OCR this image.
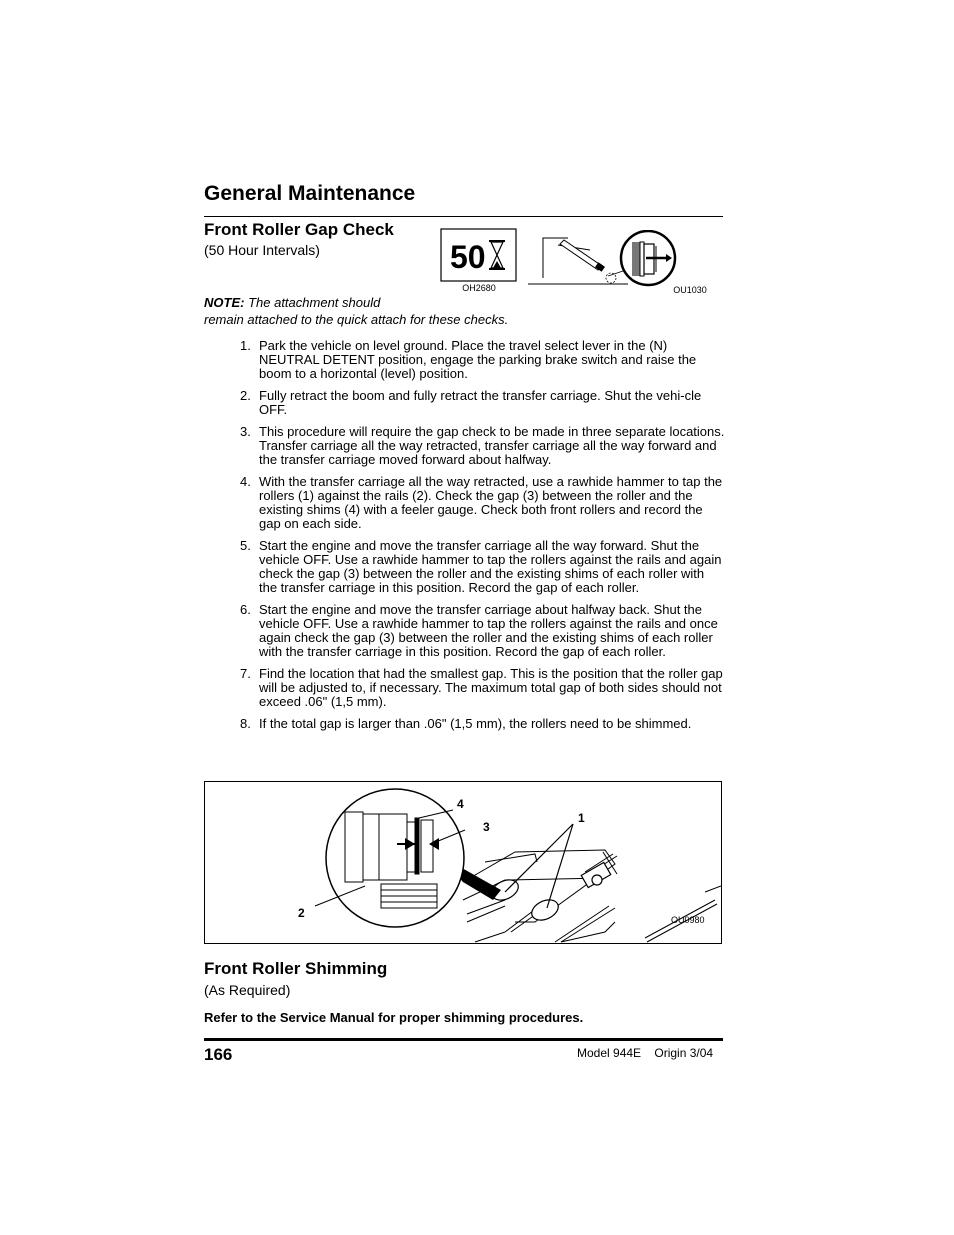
General Maintenance
Front Roller Gap Check
(50 Hour Intervals)	50
OH2680	OU1030
NOTE: The attachment should
remain attached to the quick attach for these checks.
1. Park the vehicle on level ground. Place the travel select lever in the (N) NEUTRAL DETENT position, engage the parking brake switch and raise the boom to a horizontal (level) position.
2. Fully retract the boom and fully retract the transfer carriage. Shut the vehi-cle OFF.
3. This procedure will require the gap check to be made in three separate locations. Transfer carriage all the way retracted, transfer carriage all the way forward and the transfer carriage moved forward about halfway.
4. With the transfer carriage all the way retracted, use a rawhide hammer to tap the rollers (1) against the rails (2). Check the gap (3) between the roller and the existing shims (4) with a feeler gauge. Check both front rollers and record the gap on each side.
5. Start the engine and move the transfer carriage all the way forward. Shut the vehicle OFF. Use a rawhide hammer to tap the rollers against the rails and again check the gap (3) between the roller and the existing shims of each roller with the transfer carriage in this position. Record the gap of each roller.
6. Start the engine and move the transfer carriage about halfway back. Shut the vehicle OFF. Use a rawhide hammer to tap the rollers against the rails and once again check the gap (3) between the roller and the existing shims of each roller with the transfer carriage in this position. Record the gap of each roller.
7. Find the location that had the smallest gap. This is the position that the roller gap will be adjusted to, if necessary. The maximum total gap of both sides should not exceed .06" (1,5 mm).
8. If the total gap is larger than .06" (1,5 mm), the rollers need to be shimmed.
4
3
1
2	OU0980
Front Roller Shimming
(As Required)
Refer to the Service Manual for proper shimming procedures.
166	Model 944E Origin 3/04
